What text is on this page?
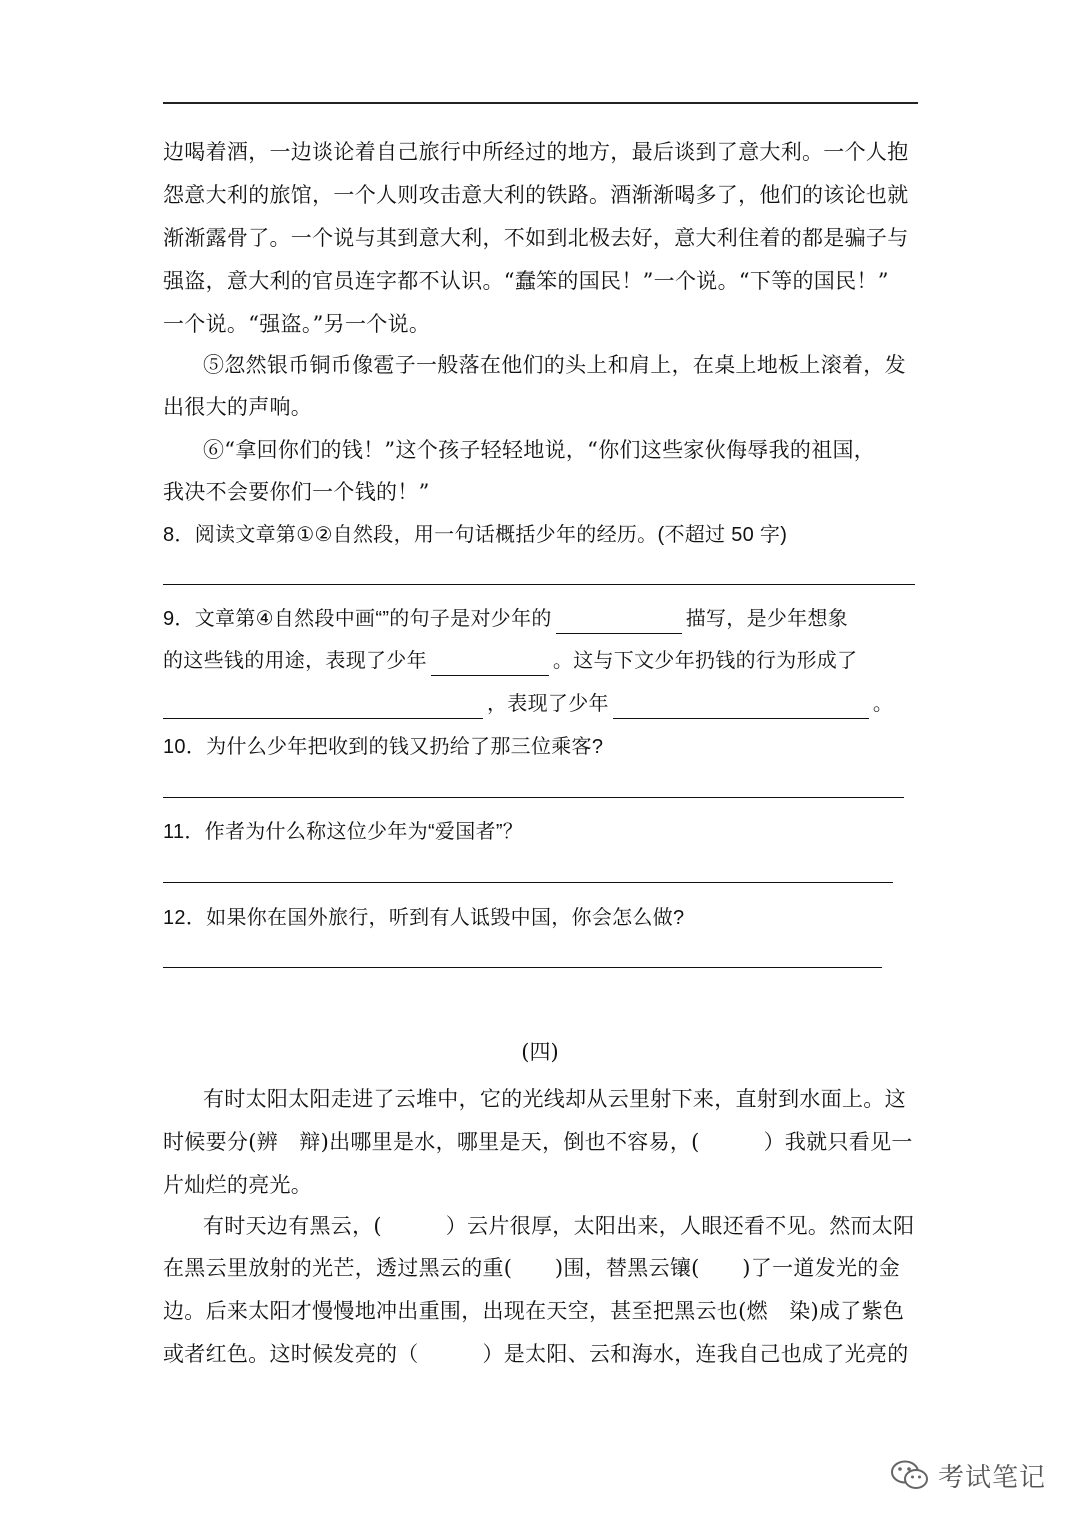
边喝着酒，一边谈论着自己旅行中所经过的地方，最后谈到了意大利。一个人抱
怨意大利的旅馆，一个人则攻击意大利的铁路。酒渐渐喝多了，他们的该论也就
渐渐露骨了。一个说与其到意大利，不如到北极去好，意大利住着的都是骗子与
强盗，意大利的官员连字都不认识。“蠢笨的国民！”一个说。“下等的国民！”
一个说。“强盗。”另一个说。
⑤忽然银币铜币像雹子一般落在他们的头上和肩上，在桌上地板上滚着，发
出很大的声响。
⑥“拿回你们的钱！”这个孩子轻轻地说，“你们这些家伙侮辱我的祖国，
我决不会要你们一个钱的！”
8．阅读文章第①②自然段，用一句话概括少年的经历。(不超过 50 字)
9．文章第④自然段中画“”的句子是对少年的	描写，是少年想象
的这些钱的用途，表现了少年	。这与下文少年扔钱的行为形成了
，表现了少年	。
10．为什么少年把收到的钱又扔给了那三位乘客?
11．作者为什么称这位少年为“爱国者”？
12．如果你在国外旅行，听到有人诋毁中国，你会怎么做?
(四)
有时太阳太阳走进了云堆中，它的光线却从云里射下来，直射到水面上。这
时候要分(辨　辩)出哪里是水，哪里是天，倒也不容易，(　　　）我就只看见一
片灿烂的亮光。
有时天边有黑云，(　　　）云片很厚，太阳出来，人眼还看不见。然而太阳
在黑云里放射的光芒，透过黑云的重(　　)围，替黑云镶(　　)了一道发光的金
边。后来太阳才慢慢地冲出重围，出现在天空，甚至把黑云也(燃　染)成了紫色
或者红色。这时候发亮的（　　　）是太阳、云和海水，连我自己也成了光亮的
考试笔记
